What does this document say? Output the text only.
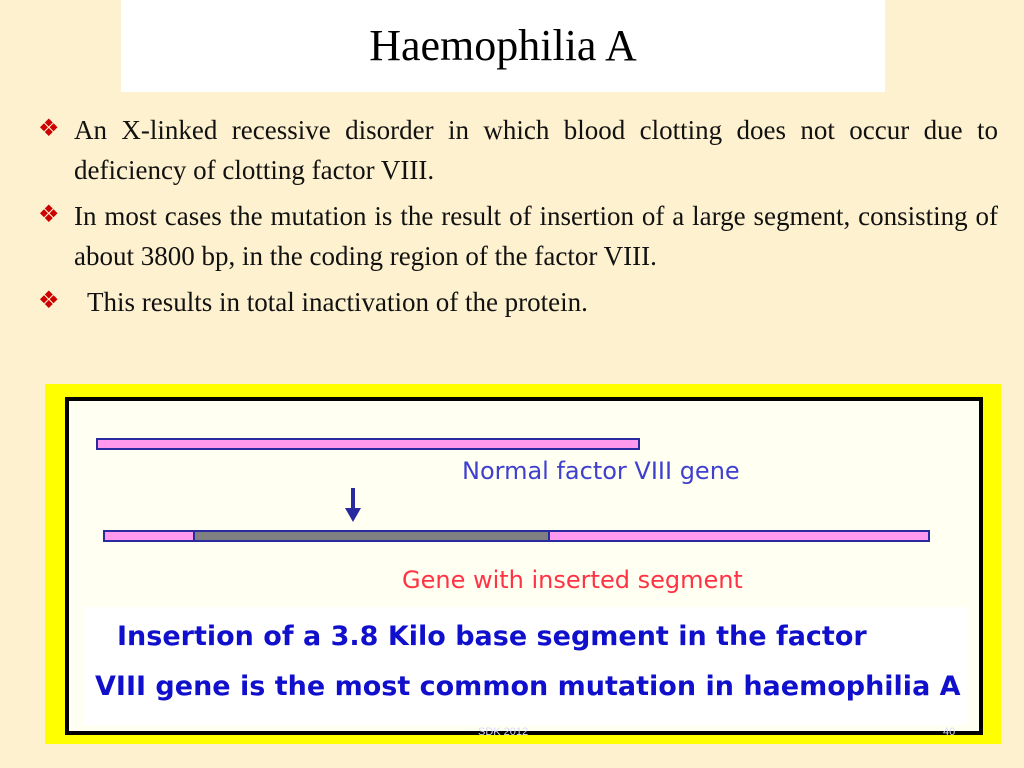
Haemophilia A
❖ An X-linked recessive disorder in which blood clotting does not occur due to deficiency of clotting factor VIII.
❖ In most cases the mutation is the result of insertion of a large segment, consisting of about 3800 bp, in the coding region of the factor VIII.
❖ This results in total inactivation of the protein.
Normal factor VIII gene
Gene with inserted segment
Insertion of a 3.8 Kilo base segment in the factor
VIII gene is the most common mutation in haemophilia A
SDK 2012	40
